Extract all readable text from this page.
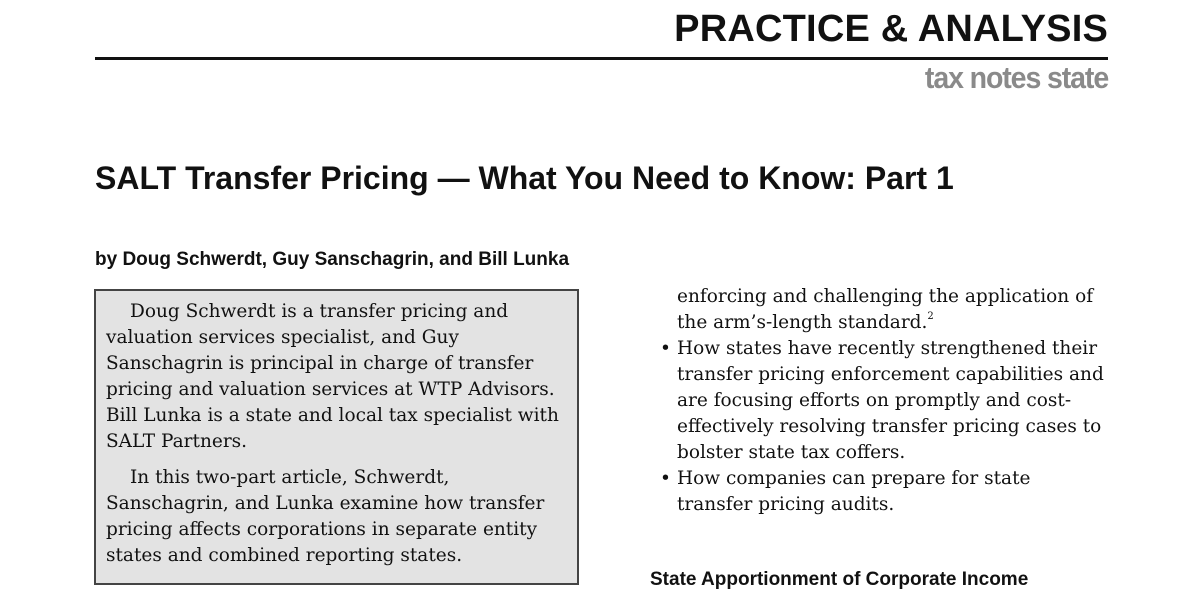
PRACTICE & ANALYSIS
tax notes state
SALT Transfer Pricing — What You Need to Know: Part 1
by Doug Schwerdt, Guy Sanschagrin, and Bill Lunka

Doug Schwerdt is a transfer pricing and valuation services specialist, and Guy Sanschagrin is principal in charge of transfer pricing and valuation services at WTP Advisors. Bill Lunka is a state and local tax specialist with SALT Partners.

In this two-part article, Schwerdt, Sanschagrin, and Lunka examine how transfer pricing affects corporations in separate entity states and combined reporting states.

enforcing and challenging the application of the arm’s-length standard.$^2$

• How states have recently strengthened their transfer pricing enforcement capabilities and are focusing efforts on promptly and cost-effectively resolving transfer pricing cases to bolster state tax coffers.
• How companies can prepare for state transfer pricing audits.
State Apportionment of Corporate Income
